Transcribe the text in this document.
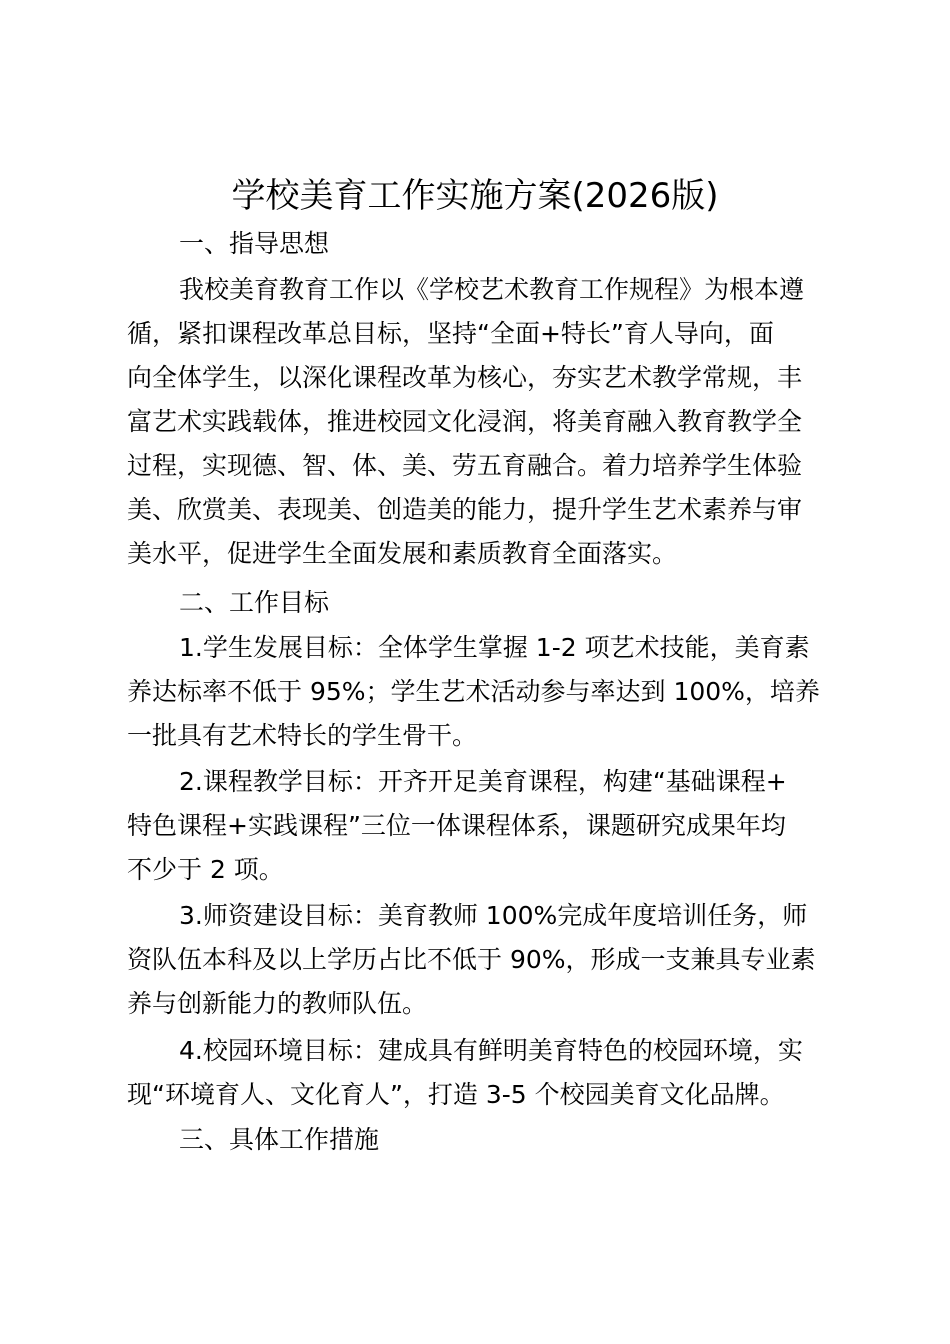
学校美育工作实施方案(2026版)
一、指导思想
我校美育教育工作以《学校艺术教育工作规程》为根本遵
循，紧扣课程改革总目标，坚持“全面+特长”育人导向，面
向全体学生，以深化课程改革为核心，夯实艺术教学常规，丰
富艺术实践载体，推进校园文化浸润，将美育融入教育教学全
过程，实现德、智、体、美、劳五育融合。着力培养学生体验
美、欣赏美、表现美、创造美的能力，提升学生艺术素养与审
美水平，促进学生全面发展和素质教育全面落实。
二、工作目标
1.学生发展目标：全体学生掌握 1-2 项艺术技能，美育素
养达标率不低于 95%；学生艺术活动参与率达到 100%，培养
一批具有艺术特长的学生骨干。
2.课程教学目标：开齐开足美育课程，构建“基础课程+
特色课程+实践课程”三位一体课程体系，课题研究成果年均
不少于 2 项。
3.师资建设目标：美育教师 100%完成年度培训任务，师
资队伍本科及以上学历占比不低于 90%，形成一支兼具专业素
养与创新能力的教师队伍。
4.校园环境目标：建成具有鲜明美育特色的校园环境，实
现“环境育人、文化育人”，打造 3-5 个校园美育文化品牌。
三、具体工作措施
